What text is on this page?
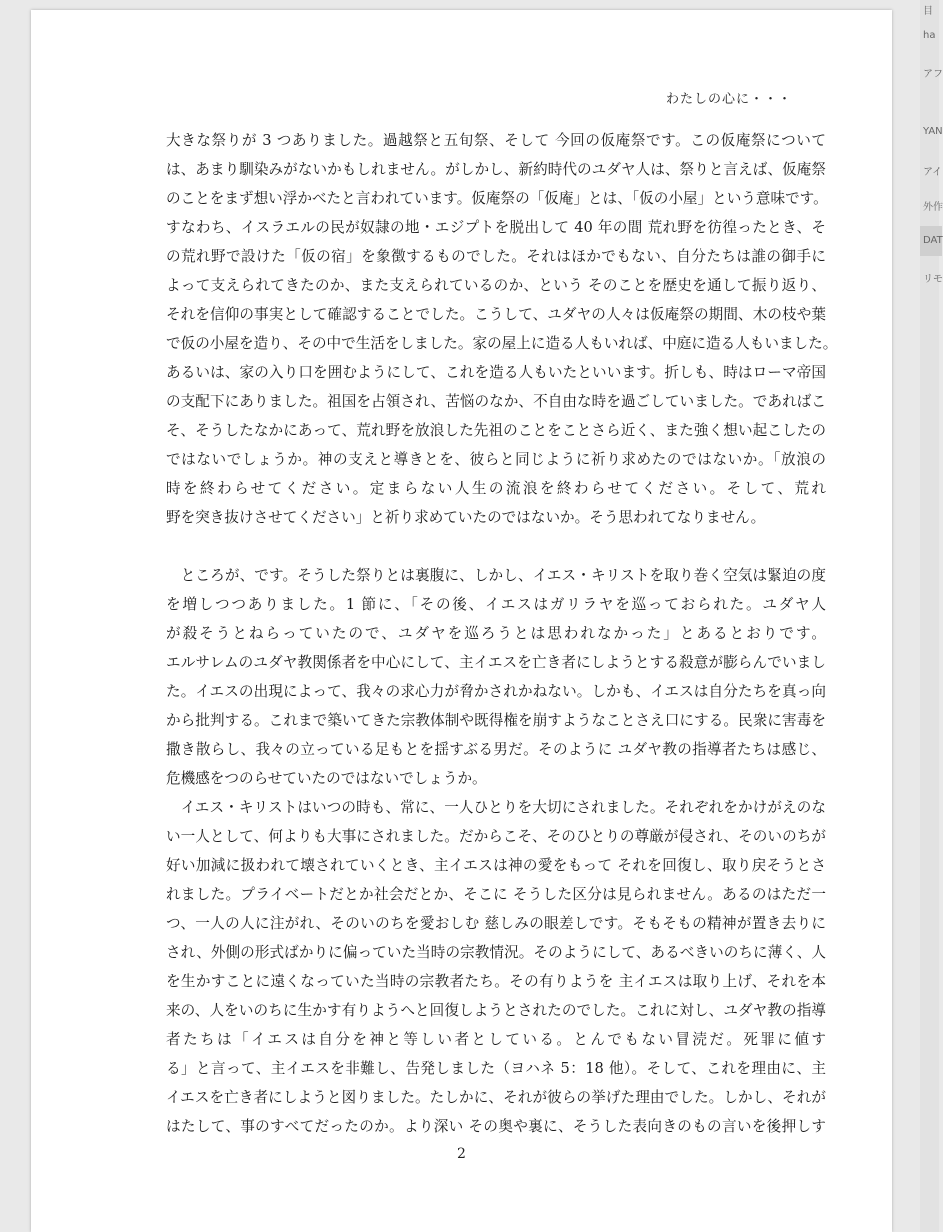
わたしの心に・・・
大きな祭りが 3 つありました。過越祭と五旬祭、そして 今回の仮庵祭です。この仮庵祭について
は、あまり馴染みがないかもしれません。がしかし、新約時代のユダヤ人は、祭りと言えば、仮庵祭
のことをまず想い浮かべたと言われています。仮庵祭の「仮庵」とは、「仮の小屋」という意味です。
すなわち、イスラエルの民が奴隷の地・エジプトを脱出して 40 年の間 荒れ野を彷徨ったとき、そ
の荒れ野で設けた「仮の宿」を象徴するものでした。それはほかでもない、自分たちは誰の御手に
よって支えられてきたのか、また支えられているのか、という そのことを歴史を通して振り返り、
それを信仰の事実として確認することでした。こうして、ユダヤの人々は仮庵祭の期間、木の枝や葉
で仮の小屋を造り、その中で生活をしました。家の屋上に造る人もいれば、中庭に造る人もいました。
あるいは、家の入り口を囲むようにして、これを造る人もいたといいます。折しも、時はローマ帝国
の支配下にありました。祖国を占領され、苦悩のなか、不自由な時を過ごしていました。であればこ
そ、そうしたなかにあって、荒れ野を放浪した先祖のことをことさら近く、また強く想い起こしたの
ではないでしょうか。神の支えと導きとを、彼らと同じように祈り求めたのではないか。「放浪の
時を終わらせてください。定まらない人生の流浪を終わらせてください。そして、荒れ
野を突き抜けさせてください」と祈り求めていたのではないか。そう思われてなりません。
　ところが、です。そうした祭りとは裏腹に、しかし、イエス・キリストを取り巻く空気は緊迫の度
を増しつつありました。1 節に、「その後、イエスはガリラヤを巡っておられた。ユダヤ人
が殺そうとねらっていたので、ユダヤを巡ろうとは思われなかった」とあるとおりです。
エルサレムのユダヤ教関係者を中心にして、主イエスを亡き者にしようとする殺意が膨らんでいまし
た。イエスの出現によって、我々の求心力が脅かされかねない。しかも、イエスは自分たちを真っ向
から批判する。これまで築いてきた宗教体制や既得権を崩すようなことさえ口にする。民衆に害毒を
撒き散らし、我々の立っている足もとを揺すぶる男だ。そのように ユダヤ教の指導者たちは感じ、
危機感をつのらせていたのではないでしょうか。
　イエス・キリストはいつの時も、常に、一人ひとりを大切にされました。それぞれをかけがえのな
い一人として、何よりも大事にされました。だからこそ、そのひとりの尊厳が侵され、そのいのちが
好い加減に扱われて壊されていくとき、主イエスは神の愛をもって それを回復し、取り戻そうとさ
れました。プライベートだとか社会だとか、そこに そうした区分は見られません。あるのはただ一
つ、一人の人に注がれ、そのいのちを愛おしむ 慈しみの眼差しです。そもそもの精神が置き去りに
され、外側の形式ばかりに偏っていた当時の宗教情況。そのようにして、あるべきいのちに薄く、人
を生かすことに遠くなっていた当時の宗教者たち。その有りようを 主イエスは取り上げ、それを本
来の、人をいのちに生かす有りようへと回復しようとされたのでした。これに対し、ユダヤ教の指導
者たちは「イエスは自分を神と等しい者としている。とんでもない冒涜だ。死罪に値す
る」と言って、主イエスを非難し、告発しました（ヨハネ 5：18 他）。そして、これを理由に、主
イエスを亡き者にしようと図りました。たしかに、それが彼らの挙げた理由でした。しかし、それが
はたして、事のすべてだったのか。より深い その奥や裏に、そうした表向きのもの言いを後押しす
2
目
ha
アフ
YAN
アイ
外作
DAT
リモ
